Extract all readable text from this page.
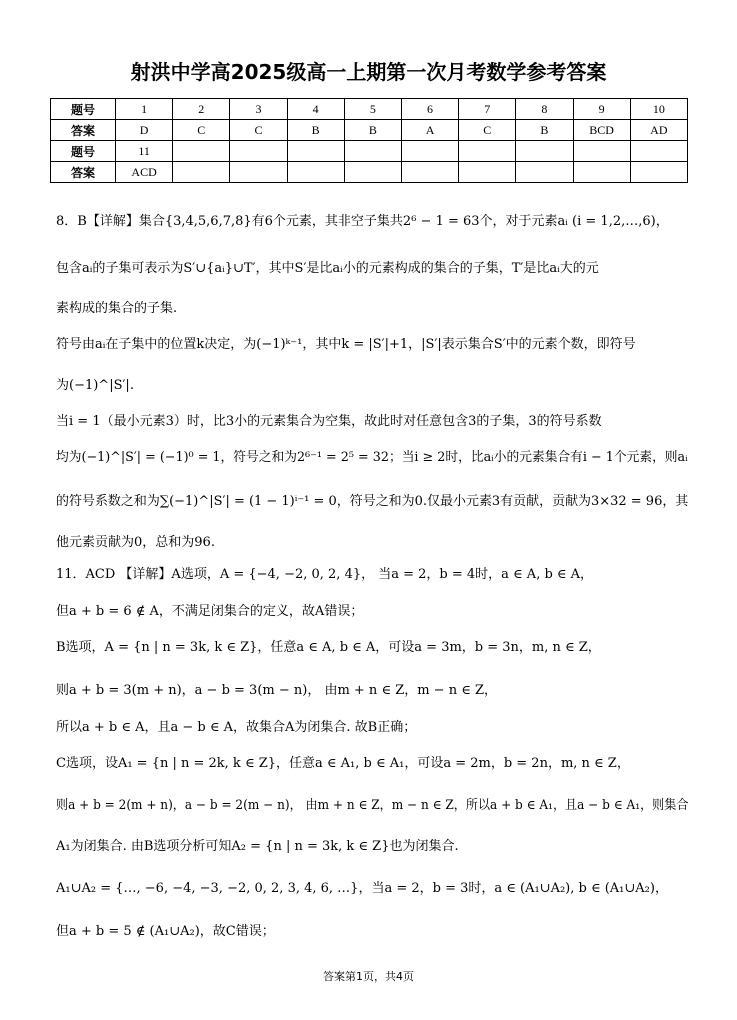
射洪中学高2025级高一上期第一次月考数学参考答案
题号	1	2	3	4	5	6	7	8	9	10
答案	D	C	C	B	B	A	C	B	BCD	AD
题号	11									
答案	ACD									
8．B【详解】集合{3,4,5,6,7,8}有6个元素，其非空子集共2⁶ − 1 = 63个，对于元素aᵢ (i = 1,2,…,6)，
包含aᵢ的子集可表示为S′∪{aᵢ}∪T′，其中S′是比aᵢ小的元素构成的集合的子集，T′是比aᵢ大的元
素构成的集合的子集.
符号由aᵢ在子集中的位置k决定，为(−1)ᵏ⁻¹，其中k = |S′|+1，|S′|表示集合S′中的元素个数，即符号
为(−1)^|S′|.
当i = 1（最小元素3）时，比3小的元素集合为空集，故此时对任意包含3的子集，3的符号系数
均为(−1)^|S′| = (−1)⁰ = 1，符号之和为2⁶⁻¹ = 2⁵ = 32；当i ≥ 2时，比aᵢ小的元素集合有i − 1个元素，则aᵢ
的符号系数之和为∑(−1)^|S′| = (1 − 1)ⁱ⁻¹ = 0，符号之和为0.仅最小元素3有贡献，贡献为3×32 = 96，其
他元素贡献为0，总和为96.
11．ACD 【详解】A选项，A = {−4, −2, 0, 2, 4}， 当a = 2，b = 4时，a ∈ A, b ∈ A，
但a + b = 6 ∉ A，不满足闭集合的定义，故A错误；
B选项，A = {n | n = 3k, k ∈ Z}，任意a ∈ A, b ∈ A，可设a = 3m，b = 3n，m, n ∈ Z，
则a + b = 3(m + n)，a − b = 3(m − n)， 由m + n ∈ Z，m − n ∈ Z，
所以a + b ∈ A，且a − b ∈ A，故集合A为闭集合. 故B正确；
C选项，设A₁ = {n | n = 2k, k ∈ Z}，任意a ∈ A₁, b ∈ A₁，可设a = 2m，b = 2n，m, n ∈ Z，
则a + b = 2(m + n)，a − b = 2(m − n)， 由m + n ∈ Z，m − n ∈ Z，所以a + b ∈ A₁，且a − b ∈ A₁，则集合
A₁为闭集合. 由B选项分析可知A₂ = {n | n = 3k, k ∈ Z}也为闭集合.
A₁∪A₂ = {…, −6, −4, −3, −2, 0, 2, 3, 4, 6, …}，当a = 2，b = 3时，a ∈ (A₁∪A₂), b ∈ (A₁∪A₂)，
但a + b = 5 ∉ (A₁∪A₂)，故C错误；
答案第1页，共4页
